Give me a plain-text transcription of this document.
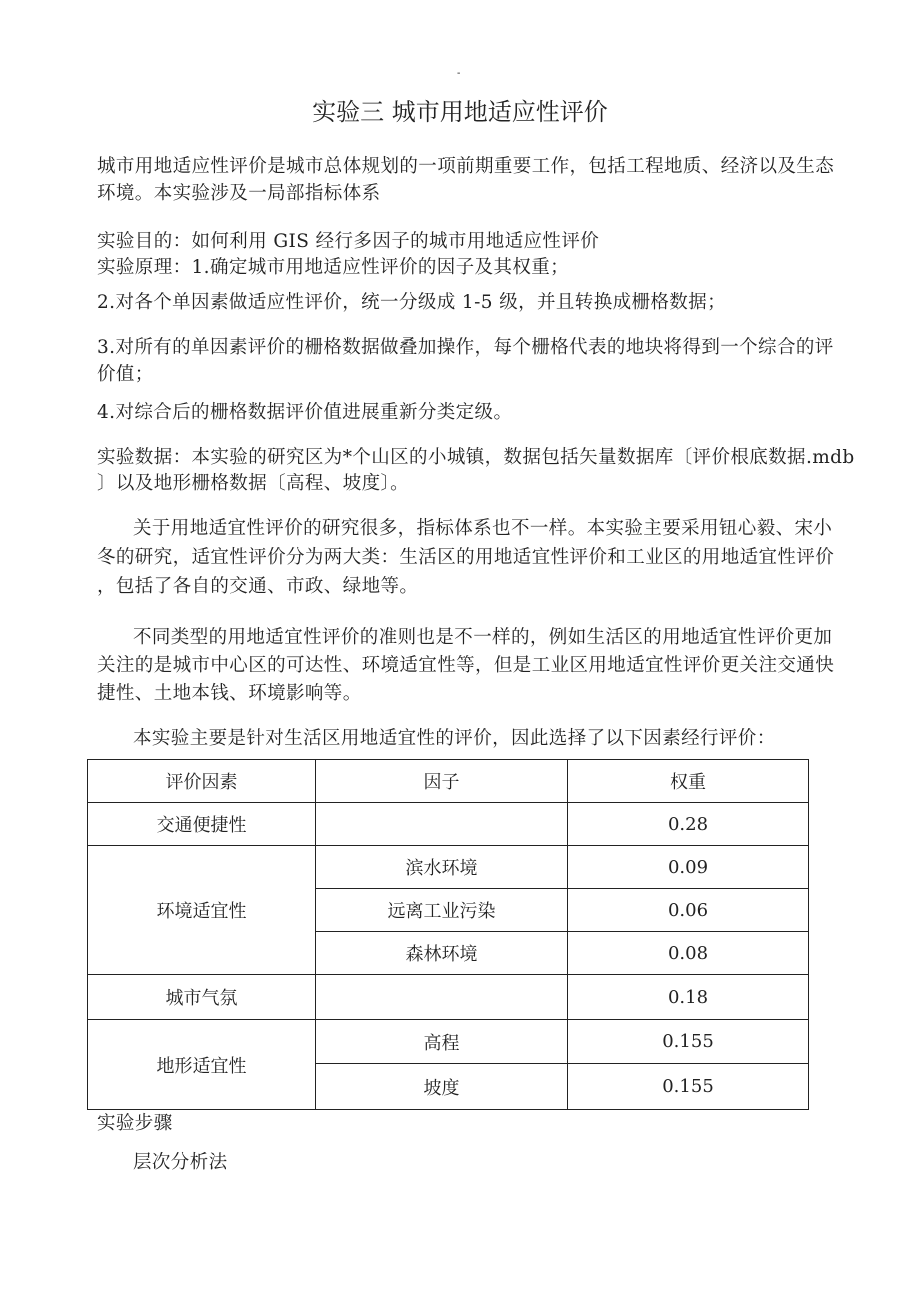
-
实验三 城市用地适应性评价
城市用地适应性评价是城市总体规划的一项前期重要工作，包括工程地质、经济以及生态
环境。本实验涉及一局部指标体系
实验目的：如何利用 GIS 经行多因子的城市用地适应性评价
实验原理：1.确定城市用地适应性评价的因子及其权重；
2.对各个单因素做适应性评价，统一分级成 1-5 级，并且转换成栅格数据；
3.对所有的单因素评价的栅格数据做叠加操作，每个栅格代表的地块将得到一个综合的评
价值；
4.对综合后的栅格数据评价值进展重新分类定级。
实验数据：本实验的研究区为*个山区的小城镇，数据包括矢量数据库〔评价根底数据.mdb
〕以及地形栅格数据〔高程、坡度〕。
关于用地适宜性评价的研究很多，指标体系也不一样。本实验主要采用钮心毅、宋小
冬的研究，适宜性评价分为两大类：生活区的用地适宜性评价和工业区的用地适宜性评价
，包括了各自的交通、市政、绿地等。
不同类型的用地适宜性评价的准则也是不一样的，例如生活区的用地适宜性评价更加
关注的是城市中心区的可达性、环境适宜性等，但是工业区用地适宜性评价更关注交通快
捷性、土地本钱、环境影响等。
本实验主要是针对生活区用地适宜性的评价，因此选择了以下因素经行评价：
评价因素	因子	权重
交通便捷性		0.28
环境适宜性	滨水环境	0.09
	远离工业污染	0.06
	森林环境	0.08
城市气氛		0.18
地形适宜性	高程	0.155
	坡度	0.155
实验步骤
层次分析法
